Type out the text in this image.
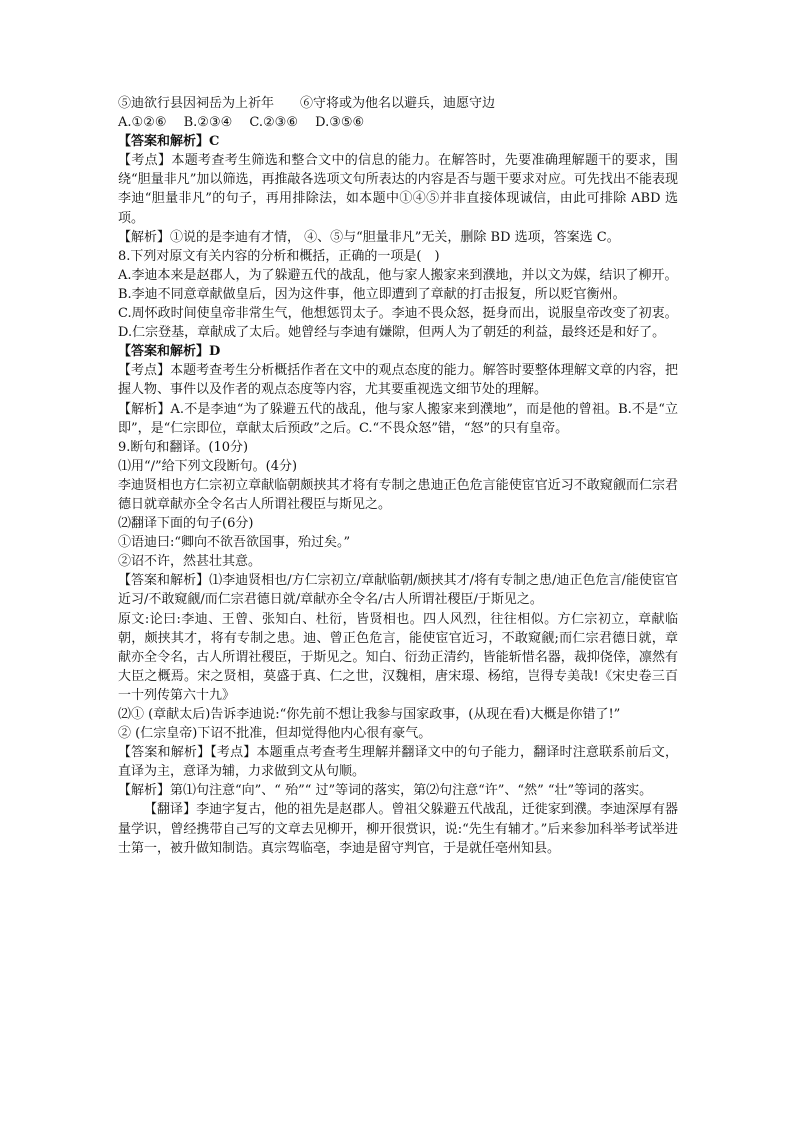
⑤迪欲行县因祠岳为上祈年　　⑥守将或为他名以避兵，迪愿守边

A.①②⑥　 B.②③④　 C.②③⑥　 D.③⑤⑥

【答案和解析】C

【考点】本题考查考生筛选和整合文中的信息的能力。在解答时，先要准确理解题干的要求，围绕“胆量非凡”加以筛选，再推敲各选项文句所表达的内容是否与题干要求对应。可先找出不能表现李迪“胆量非凡”的句子，再用排除法，如本题中①④⑤并非直接体现诚信，由此可排除 ABD 选项。

【解析】①说的是李迪有才情， ④、⑤与“胆量非凡”无关，删除 BD 选项，答案选 C。

8.下列对原文有关内容的分析和概括，正确的一项是(　)

A.李迪本来是赵郡人，为了躲避五代的战乱，他与家人搬家来到濮地，并以文为媒，结识了柳开。

B.李迪不同意章献做皇后，因为这件事，他立即遭到了章献的打击报复，所以贬官衡州。

C.周怀政时间使皇帝非常生气，他想惩罚太子。李迪不畏众怒，挺身而出，说服皇帝改变了初衷。

D.仁宗登基，章献成了太后。她曾经与李迪有嫌隙，但两人为了朝廷的利益，最终还是和好了。

【答案和解析】D

【考点】本题考查考生分析概括作者在文中的观点态度的能力。解答时要整体理解文章的内容，把握人物、事件以及作者的观点态度等内容，尤其要重视选文细节处的理解。

【解析】A.不是李迪“为了躲避五代的战乱，他与家人搬家来到濮地”，而是他的曾祖。B.不是“立即”，是“仁宗即位，章献太后预政”之后。C.“不畏众怒”错，“怒”的只有皇帝。

9.断句和翻译。(10分)

⑴用“/”给下列文段断句。(4分)

李迪贤相也方仁宗初立章献临朝颇挟其才将有专制之患迪正色危言能使宦官近习不敢窥觎而仁宗君德日就章献亦全令名古人所谓社稷臣与斯见之。

⑵翻译下面的句子(6分)

①语迪曰:“卿向不欲吾欲国事，殆过矣。”

②诏不许，然甚壮其意。

【答案和解析】⑴李迪贤相也/方仁宗初立/章献临朝/颇挟其才/将有专制之患/迪正色危言/能使宦官近习/不敢窥觎/而仁宗君德日就/章献亦全令名/古人所谓社稷臣/于斯见之。

原文:论曰:李迪、王曾、张知白、杜衍，皆贤相也。四人风烈，往往相似。方仁宗初立，章献临朝，颇挟其才，将有专制之患。迪、曾正色危言，能使宦官近习，不敢窥觎;而仁宗君德日就，章献亦全令名，古人所谓社稷臣，于斯见之。知白、衍劲正清约，皆能斩惜名器，裁抑侥倖，凛然有大臣之概焉。宋之贤相，莫盛于真、仁之世，汉魏相，唐宋璟、杨绾，岂得专美哉!《宋史卷三百一十列传第六十九》

⑵① (章献太后)告诉李迪说:“你先前不想让我参与国家政事，(从现在看)大概是你错了!”

② (仁宗皇帝)下诏不批准，但却觉得他内心很有豪气。

【答案和解析】【考点】本题重点考查考生理解并翻译文中的句子能力，翻译时注意联系前后文，直译为主，意译为辅，力求做到文从句顺。

【解析】第⑴句注意“向”、“ 殆”“ 过”等词的落实，第⑵句注意“许”、“然” “壮”等词的落实。

【翻译】李迪字复古，他的祖先是赵郡人。曾祖父躲避五代战乱，迁徙家到濮。李迪深厚有器量学识，曾经携带自己写的文章去见柳开，柳开很赏识，说:“先生有辅才。”后来参加科举考试举进士第一，被升做知制诰。真宗驾临亳，李迪是留守判官，于是就任亳州知县。
